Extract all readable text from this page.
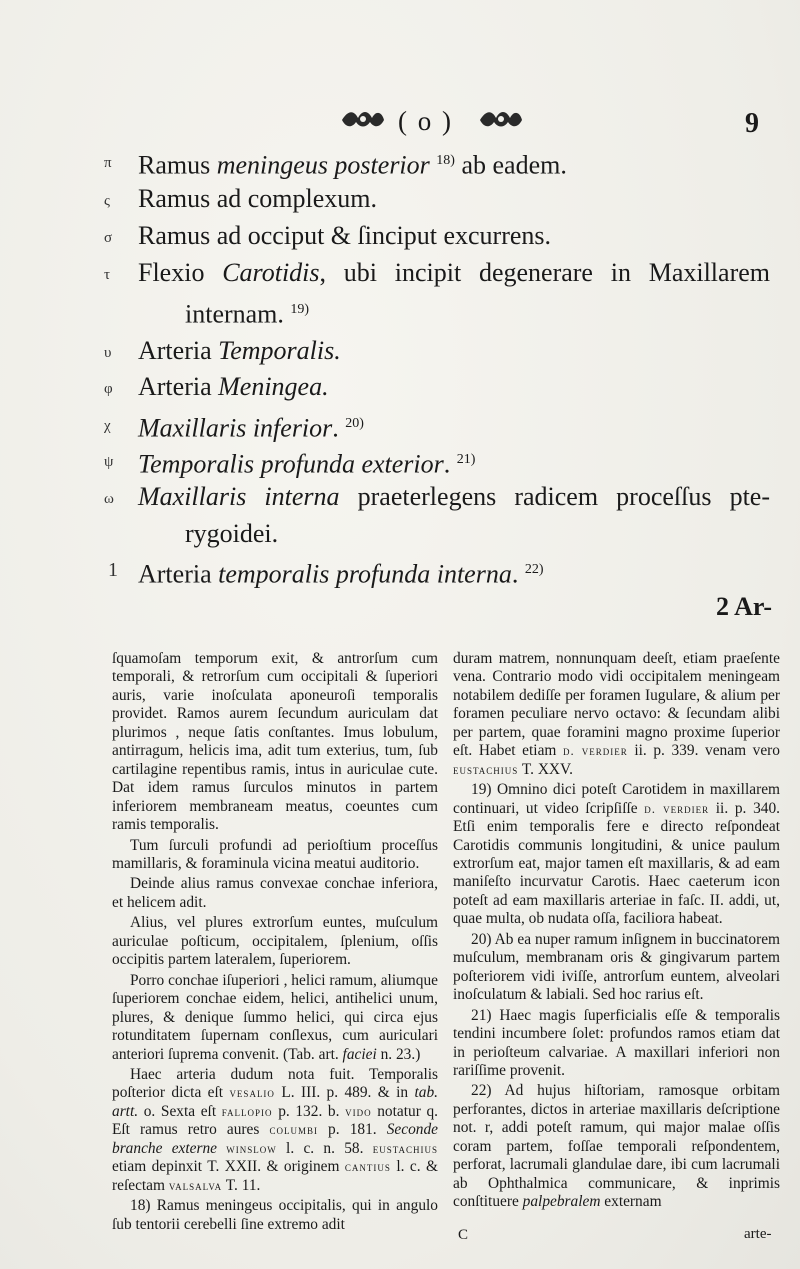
( o )	9
π Ramus meningeus posterior $^{18)}$ ab eadem.
ς Ramus ad complexum.
σ Ramus ad occiput & ſinciput excurrens.
τ Flexio Carotidis, ubi incipit degenerare in Maxillarem
internam. $^{19)}$
υ Arteria Temporalis.
φ Arteria Meningea.
χ Maxillaris inferior. $^{20)}$
ψ Temporalis profunda exterior. $^{21)}$
ω Maxillaris interna praeterlegens radicem proceſſus pte-
rygoidei.
1 Arteria temporalis profunda interna. $^{22)}$
2 Ar-

ſquamoſam temporum exit, & antrorſum cum temporali, & retrorſum cum occipitali & ſuperiori auris, varie inoſculata aponeuroſi temporalis providet. Ramos aurem ſecundum auriculam dat plurimos , neque ſatis conſtantes. Imus lobulum, antirragum, helicis ima, adit tum exterius, tum, ſub cartilagine repentibus ramis, intus in auriculae cute. Dat idem ramus ſurculos minutos in partem inferiorem membraneam meatus, coeuntes cum ramis temporalis.

Tum ſurculi profundi ad perioſtium proceſſus mamillaris, & foraminula vicina meatui auditorio.

Deinde alius ramus convexae conchae inferiora, et helicem adit.

Alius, vel plures extrorſum euntes, muſculum auriculae poſticum, occipitalem, ſplenium, oſſis occipitis partem lateralem, ſuperiorem.

Porro conchae iſuperiori , helici ramum, aliumque ſuperiorem conchae eidem, helici, antihelici unum, plures, & denique ſummo helici, qui circa ejus rotunditatem ſupernam conſlexus, cum auriculari anteriori ſuprema convenit. (Tab. art. faciei n. 23.)

Haec arteria dudum nota fuit. Temporalis poſterior dicta eſt vesalio L. III. p. 489. & in tab. artt. o. Sexta eſt fallopio p. 132. b. vido notatur q. Eſt ramus retro aures columbi p. 181. Seconde branche externe winslow l. c. n. 58. eustachius etiam depinxit T. XXII. & originem cantius l. c. & reſectam valsalva T. 11.

18) Ramus meningeus occipitalis, qui in angulo ſub tentorii cerebelli ſine extremo adit

duram matrem, nonnunquam deeſt, etiam praeſente vena. Contrario modo vidi occipitalem meningeam notabilem dediſſe per foramen Iugulare, & alium per foramen peculiare nervo octavo: & ſecundam alibi per partem, quae foramini magno proxime ſuperior eſt. Habet etiam d. verdier ii. p. 339. venam vero eustachius T. XXV.

19) Omnino dici poteſt Carotidem in maxillarem continuari, ut video ſcripſiſſe d. verdier ii. p. 340. Etſi enim temporalis fere e directo reſpondeat Carotidis communis longitudini, & unice paulum extrorſum eat, major tamen eſt maxillaris, & ad eam maniſeſto incurvatur Carotis. Haec caeterum icon poteſt ad eam maxillaris arteriae in faſc. II. addi, ut, quae multa, ob nudata oſſa, faciliora habeat.

20) Ab ea nuper ramum inſignem in buccinatorem muſculum, membranam oris & gingivarum partem poſteriorem vidi iviſſe, antrorſum euntem, alveolari inoſculatum & labiali. Sed hoc rarius eſt.

21) Haec magis ſuperficialis eſſe & temporalis tendini incumbere ſolet: profundos ramos etiam dat in perioſteum calvariae. A maxillari inferiori non rariſſime provenit.

22) Ad hujus hiſtoriam, ramosque orbitam perforantes, dictos in arteriae maxillaris deſcriptione not. r, addi poteſt ramum, qui major malae oſſis coram partem, foſſae temporali reſpondentem, perforat, lacrumali glandulae dare, ibi cum lacrumali ab Ophthalmica communicare, & inprimis conſtituere palpebralem externam

C	arte-
